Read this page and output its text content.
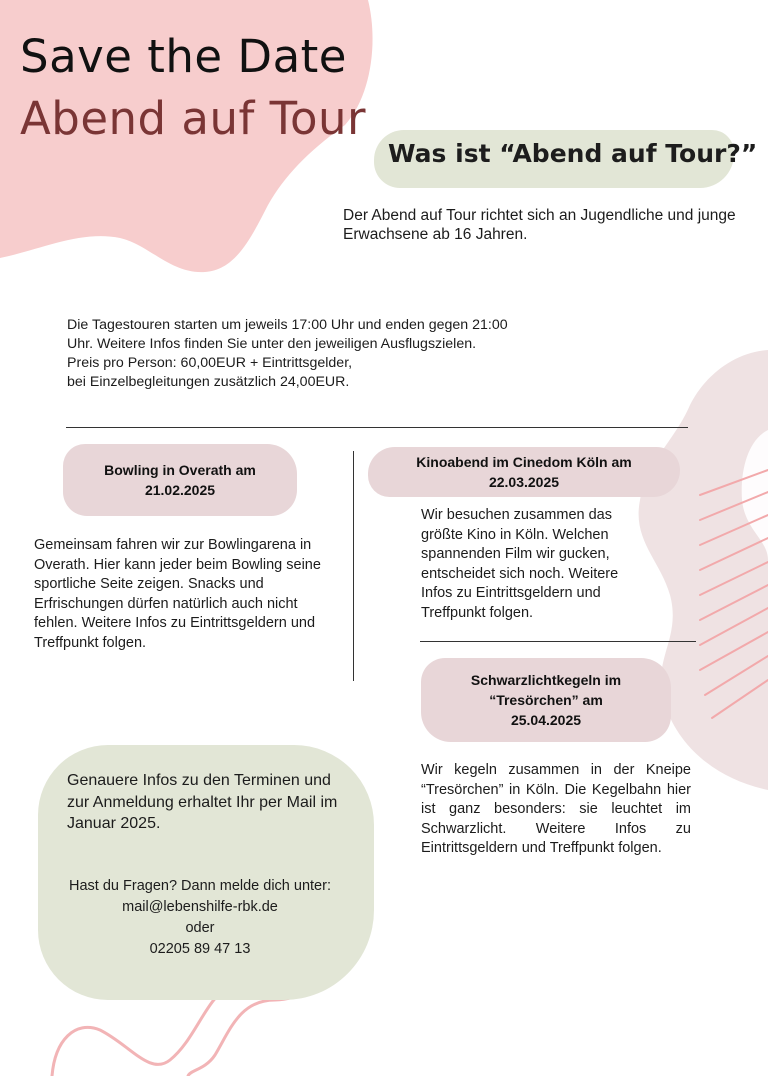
Save the Date
Abend auf Tour
Was ist “Abend auf Tour?”

Der Abend auf Tour richtet sich an Jugendliche und junge Erwachsene ab 16 Jahren.

Die Tagestouren starten um jeweils 17:00 Uhr und enden gegen 21:00

Uhr. Weitere Infos finden Sie unter den jeweiligen Ausflugszielen.

Preis pro Person: 60,00EUR + Eintrittsgelder,

bei Einzelbegleitungen zusätzlich 24,00EUR.

Bowling in Overath am
21.02.2025

Gemeinsam fahren wir zur Bowlingarena in Overath. Hier kann jeder beim Bowling seine sportliche Seite zeigen. Snacks und Erfrischungen dürfen natürlich auch nicht fehlen. Weitere Infos zu Eintrittsgeldern und Treffpunkt folgen.

Kinoabend im Cinedom Köln am
22.03.2025

Wir besuchen zusammen das größte Kino in Köln. Welchen spannenden Film wir gucken, entscheidet sich noch. Weitere Infos zu Eintrittsgeldern und Treffpunkt folgen.

Schwarzlichtkegeln im
“Tresörchen” am
25.04.2025

Wir kegeln zusammen in der Kneipe “Tresörchen” in Köln. Die Kegelbahn hier ist ganz besonders: sie leuchtet im Schwarzlicht. Weitere Infos zu Eintrittsgeldern und Treffpunkt folgen.

Genauere Infos zu den Terminen und zur Anmeldung erhaltet Ihr per Mail im Januar 2025.

Hast du Fragen? Dann melde dich unter:
mail@lebenshilfe-rbk.de
oder
02205 89 47 13
